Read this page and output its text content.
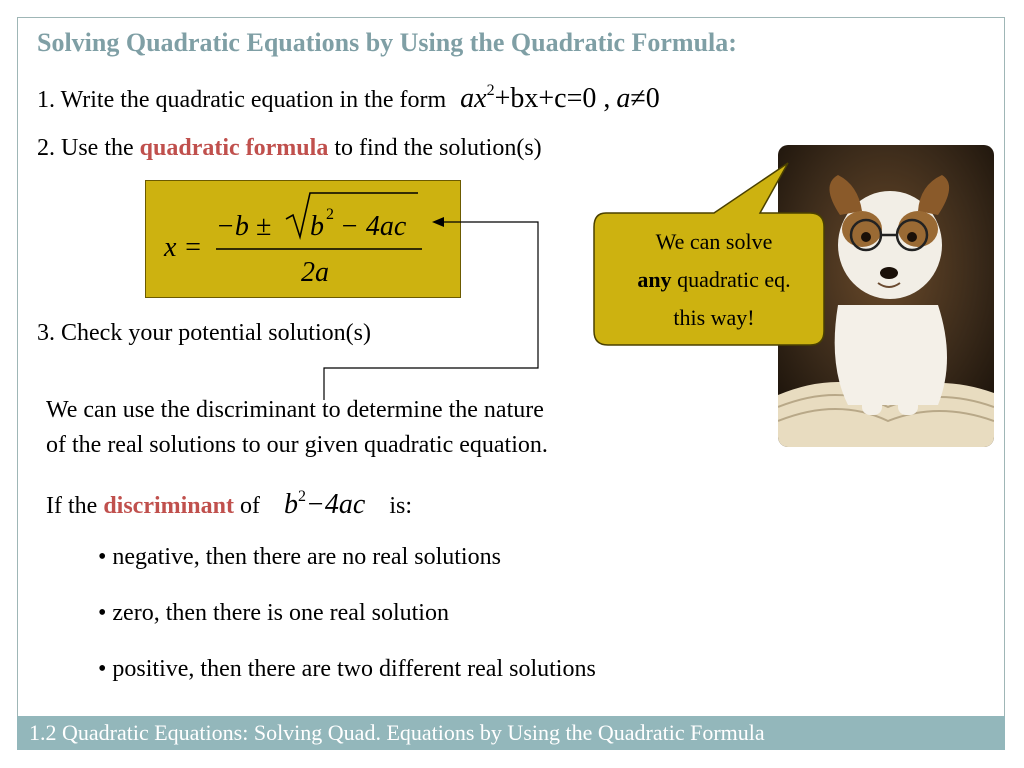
Solving Quadratic Equations by Using the Quadratic Formula:
1. Write the quadratic equation in the form $ax^2+bx+c=0$ , a≠0
2. Use the quadratic formula to find the solution(s)
x =
−b ± b 2 − 4ac
2a
3. Check your potential solution(s)
We can solve
any quadratic eq.
this way!
We can use the discriminant to determine the nature
of the real solutions to our given quadratic equation.
If the discriminant of $b^2-4ac$ is:
• negative, then there are no real solutions
• zero, then there is one real solution
• positive, then there are two different real solutions
1.2 Quadratic Equations: Solving Quad. Equations by Using the Quadratic Formula
